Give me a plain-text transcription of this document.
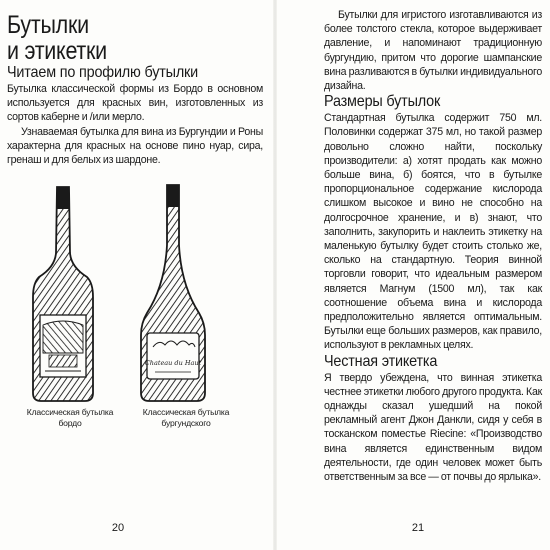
Бутылки
и этикетки
Читаем по профилю бутылки

Бутылка классической формы из Бордо в основном используется для красных вин, изготовленных из сортов каберне и /или мерло.

Узнаваемая бутылка для вина из Бургундии и Роны характерна для красных на основе пино нуар, сира, гренаш и для белых из шардоне.

Chateau du Haut
Классическая бутылка
бордо
Классическая бутылка
бургундского
20

Бутылки для игристого изготавливаются из более толстого стекла, которое выдерживает давление, и напоминают традиционную бургундию, притом что дорогие шампанские вина разливаются в бутылки индивидуального дизайна.

Размеры бутылок

Стандартная бутылка содержит 750 мл. Половинки содержат 375 мл, но такой размер довольно сложно найти, поскольку производители: а) хотят продать как можно больше вина, б) боятся, что в бутылке пропорциональное содержание кислорода слишком высокое и вино не способно на долгосрочное хранение, и в) знают, что заполнить, закупорить и наклеить этикетку на маленькую бутылку будет стоить столько же, сколько на стандартную. Теория винной торговли говорит, что идеальным размером является Магнум (1500 мл), так как соотношение объема вина и кислорода предположительно является оптимальным. Бутылки еще больших размеров, как правило, используют в рекламных целях.

Честная этикетка

Я твердо убеждена, что винная этикетка честнее этикетки любого другого продукта. Как однажды сказал ушедший на покой рекламный агент Джон Данкли, сидя у себя в тосканском поместье Riecine: «Производство вина является единственным видом деятельности, где один человек может быть ответственным за все — от почвы до ярлыка».

21
